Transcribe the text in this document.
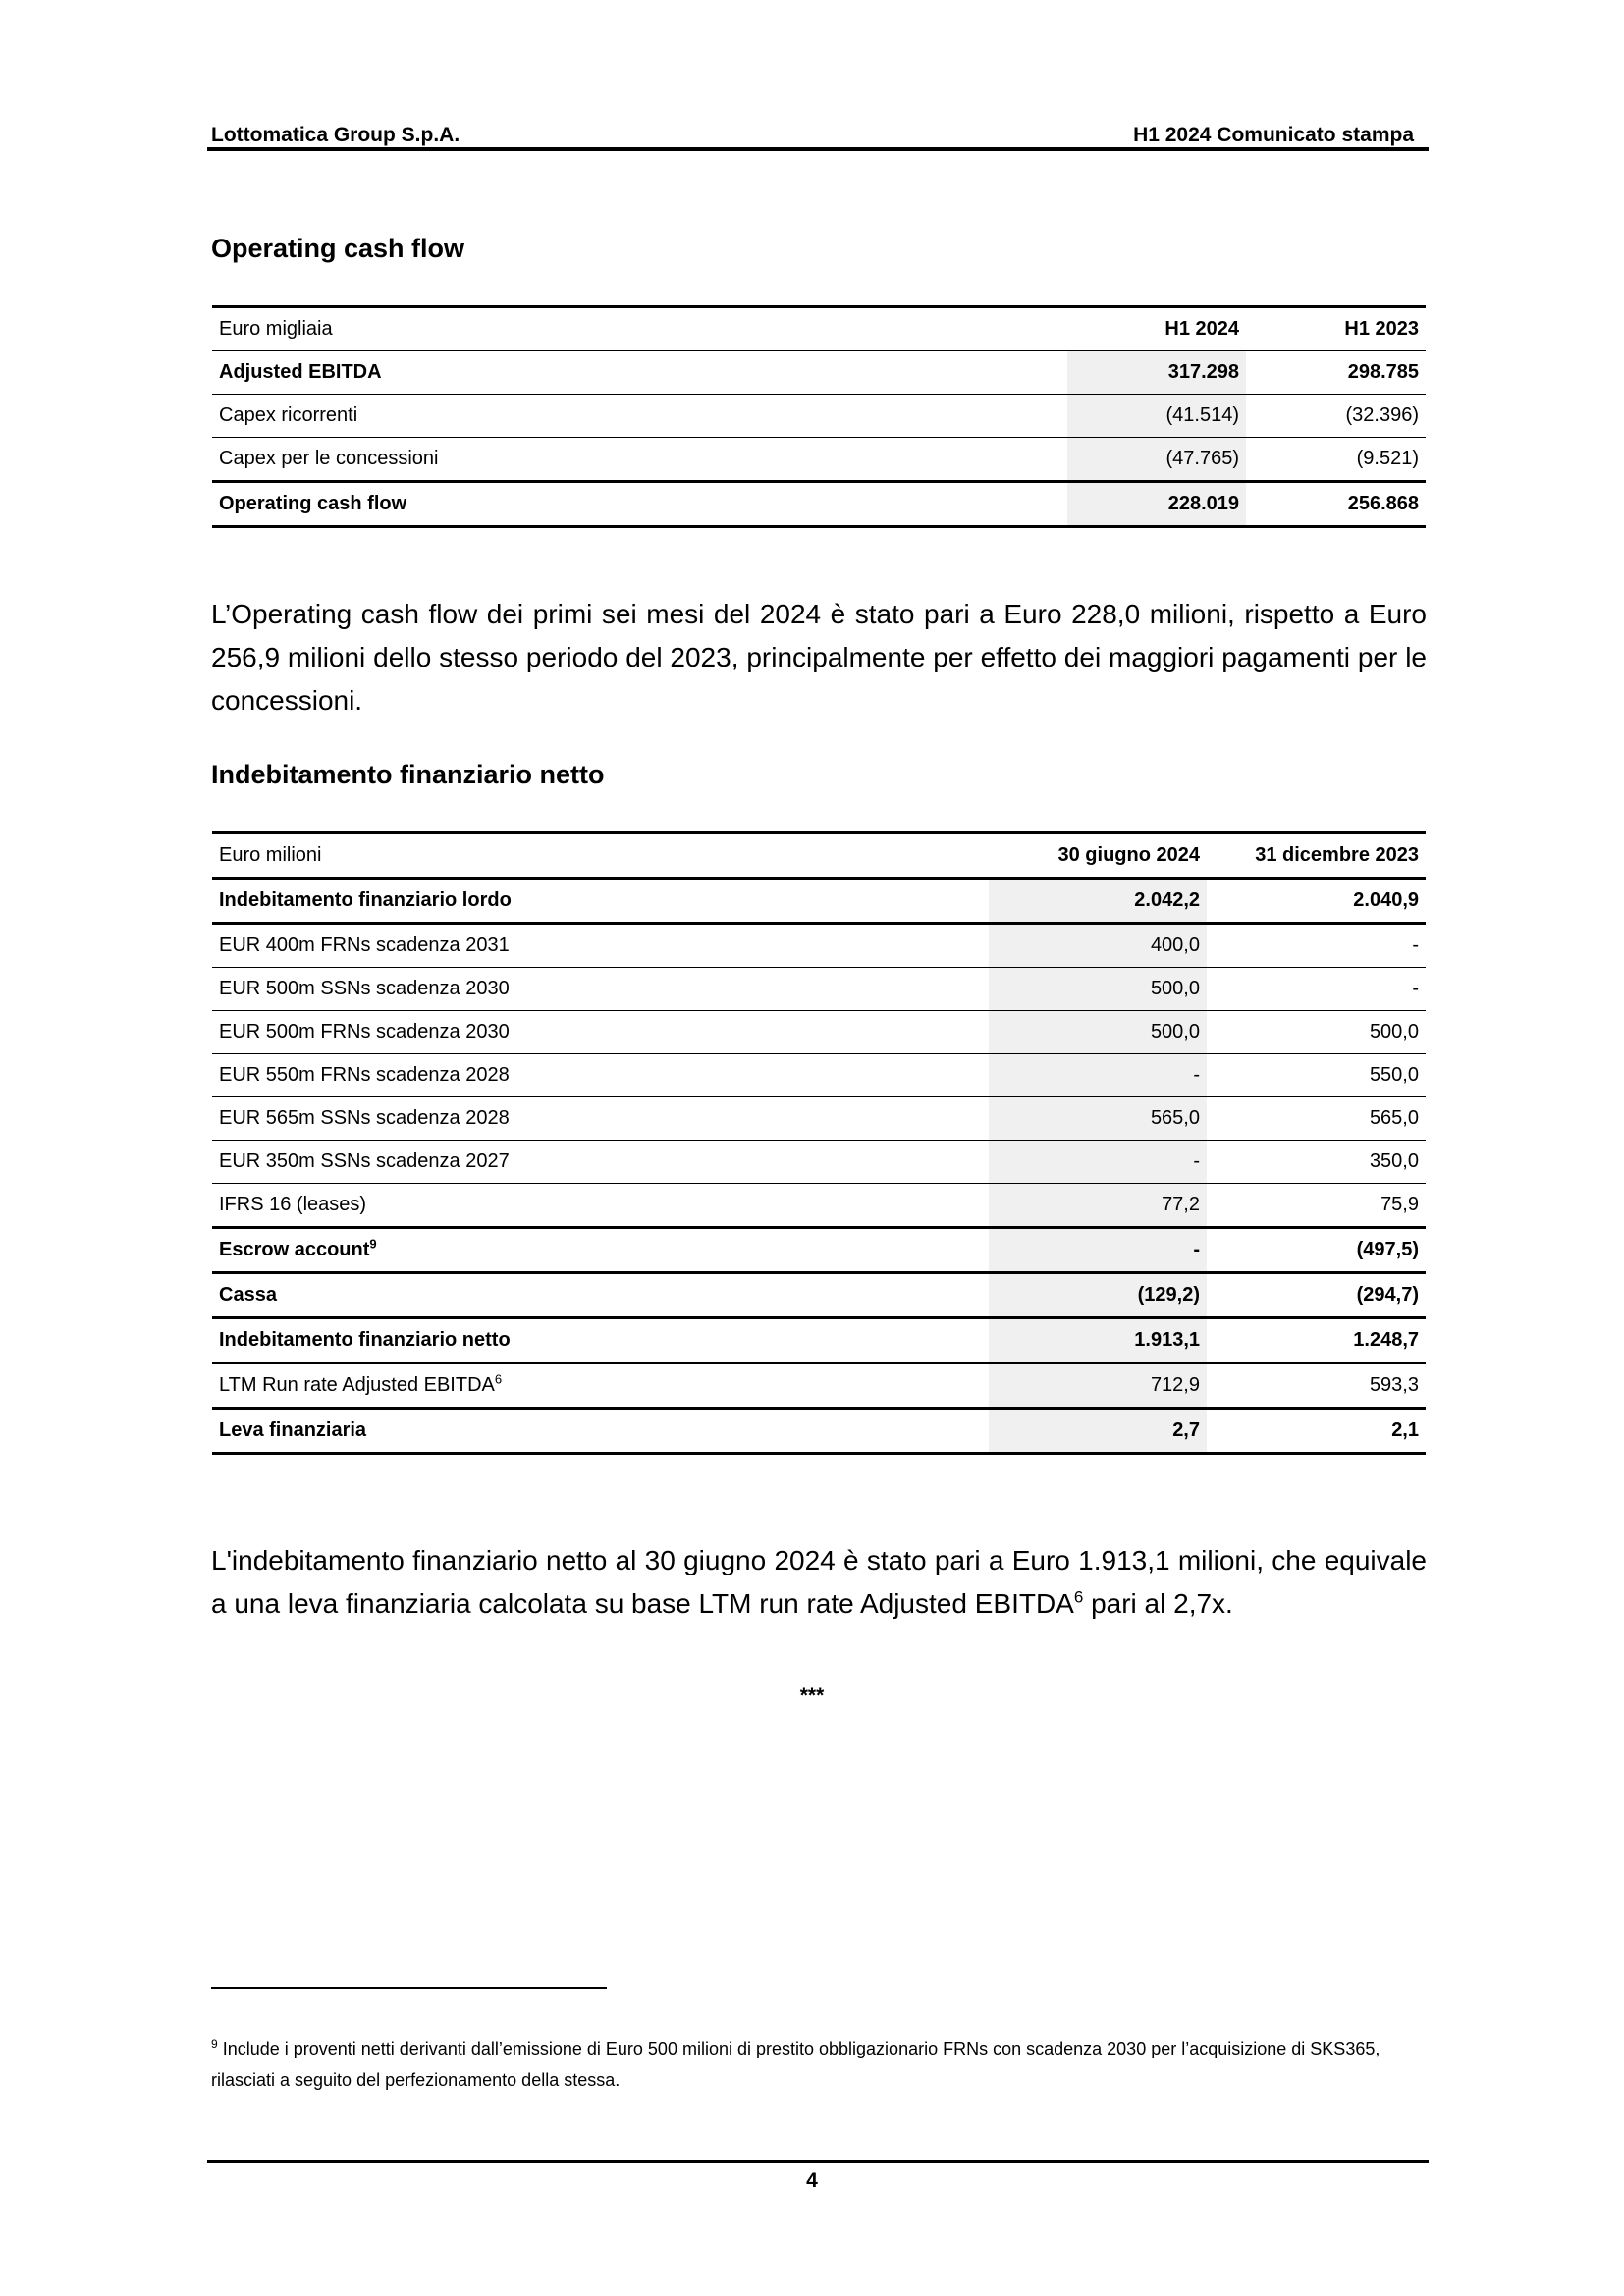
Lottomatica Group S.p.A.	H1 2024 Comunicato stampa
Operating cash flow
Euro migliaia	H1 2024	H1 2023
Adjusted EBITDA	317.298	298.785
Capex ricorrenti	(41.514)	(32.396)
Capex per le concessioni	(47.765)	(9.521)
Operating cash flow	228.019	256.868
L’Operating cash flow dei primi sei mesi del 2024 è stato pari a Euro 228,0 milioni, rispetto a Euro 256,9 milioni dello stesso periodo del 2023, principalmente per effetto dei maggiori pagamenti per le concessioni.
Indebitamento finanziario netto
Euro milioni	30 giugno 2024	31 dicembre 2023
Indebitamento finanziario lordo	2.042,2	2.040,9
EUR 400m FRNs scadenza 2031	400,0	-
EUR 500m SSNs scadenza 2030	500,0	-
EUR 500m FRNs scadenza 2030	500,0	500,0
EUR 550m FRNs scadenza 2028	-	550,0
EUR 565m SSNs scadenza 2028	565,0	565,0
EUR 350m SSNs scadenza 2027	-	350,0
IFRS 16 (leases)	77,2	75,9
Escrow account$^9$	-	(497,5)
Cassa	(129,2)	(294,7)
Indebitamento finanziario netto	1.913,1	1.248,7
LTM Run rate Adjusted EBITDA$^6$	712,9	593,3
Leva finanziaria	2,7	2,1
L'indebitamento finanziario netto al 30 giugno 2024 è stato pari a Euro 1.913,1 milioni, che equivale a una leva finanziaria calcolata su base LTM run rate Adjusted EBITDA$^6$ pari al 2,7x.
***
$^9$ Include i proventi netti derivanti dall’emissione di Euro 500 milioni di prestito obbligazionario FRNs con scadenza 2030 per l’acquisizione di SKS365, rilasciati a seguito del perfezionamento della stessa.
4
